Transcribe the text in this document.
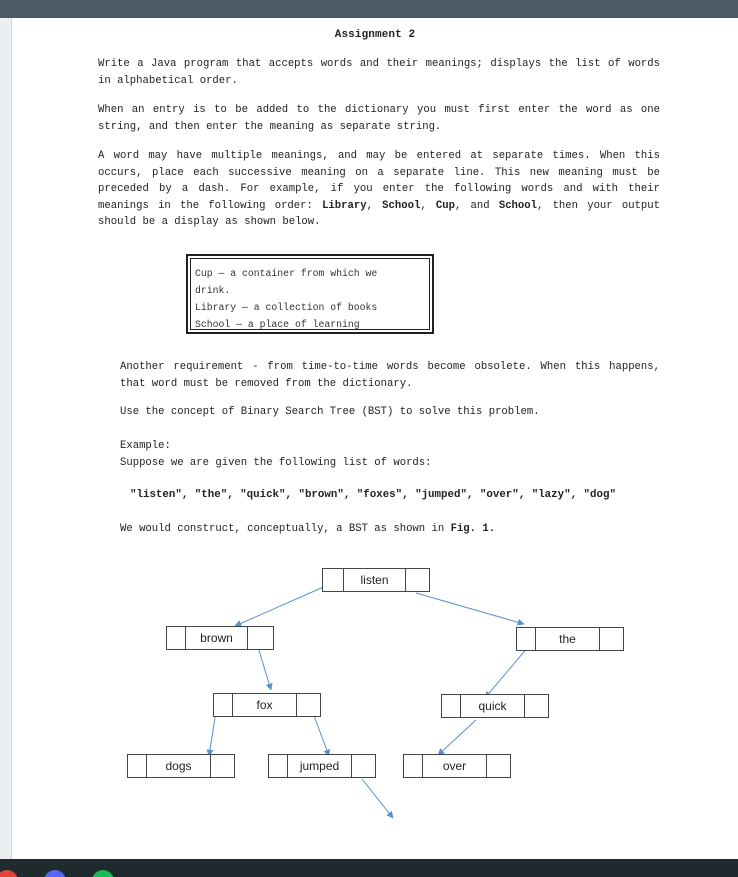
Assignment 2
Write a Java program that accepts words and their meanings; displays the list of words in alphabetical order.
When an entry is to be added to the dictionary you must first enter the word as one string, and then enter the meaning as separate string.
A word may have multiple meanings, and may be entered at separate times. When this occurs, place each successive meaning on a separate line. This new meaning must be preceded by a dash. For example, if you enter the following words and with their meanings in the following order: Library, School, Cup, and School, then your output should be a display as shown below.
Cup — a container from which we
drink.
Library — a collection of books
School — a place of learning
Another requirement - from time-to-time words become obsolete. When this happens, that word must be removed from the dictionary.
Use the concept of Binary Search Tree (BST) to solve this problem.
Example:
Suppose we are given the following list of words:
"listen", "the", "quick", "brown", "foxes", "jumped", "over", "lazy", "dog"
We would construct, conceptually, a BST as shown in Fig. 1.
listen
brown	the
fox	quick
dogs	jumped	over
